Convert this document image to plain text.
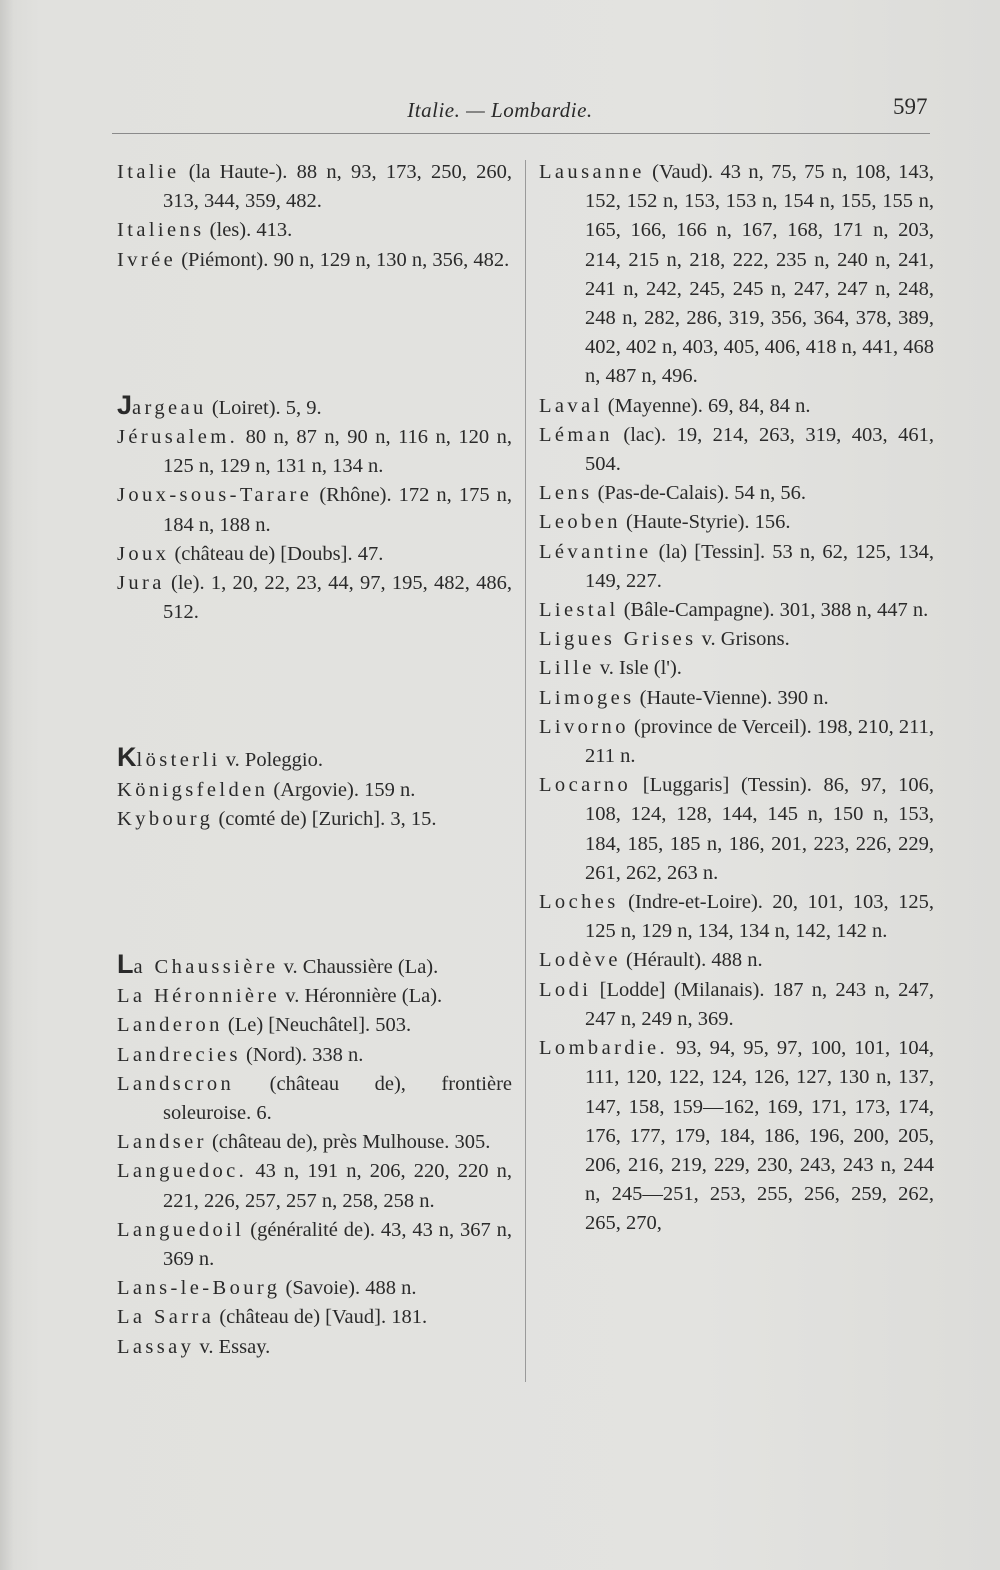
Italie. — Lombardie.	597
Italie (la Haute-). 88 n, 93, 173, 250, 260, 313, 344, 359, 482.
Italiens (les). 413.
Ivrée (Piémont). 90 n, 129 n, 130 n, 356, 482.
Jargeau (Loiret). 5, 9.
Jérusalem. 80 n, 87 n, 90 n, 116 n, 120 n, 125 n, 129 n, 131 n, 134 n.
Joux-sous-Tarare (Rhône). 172 n, 175 n, 184 n, 188 n.
Joux (château de) [Doubs]. 47.
Jura (le). 1, 20, 22, 23, 44, 97, 195, 482, 486, 512.
Klösterli v. Poleggio.
Königsfelden (Argovie). 159 n.
Kybourg (comté de) [Zurich]. 3, 15.
La Chaussière v. Chaussière (La).
La Héronnière v. Héronnière (La).
Landeron (Le) [Neuchâtel]. 503.
Landrecies (Nord). 338 n.
Landscron (château de), frontière soleuroise. 6.
Landser (château de), près Mulhouse. 305.
Languedoc. 43 n, 191 n, 206, 220, 220 n, 221, 226, 257, 257 n, 258, 258 n.
Languedoil (généralité de). 43, 43 n, 367 n, 369 n.
Lans-le-Bourg (Savoie). 488 n.
La Sarra (château de) [Vaud]. 181.
Lassay v. Essay.
Lausanne (Vaud). 43 n, 75, 75 n, 108, 143, 152, 152 n, 153, 153 n, 154 n, 155, 155 n, 165, 166, 166 n, 167, 168, 171 n, 203, 214, 215 n, 218, 222, 235 n, 240 n, 241, 241 n, 242, 245, 245 n, 247, 247 n, 248, 248 n, 282, 286, 319, 356, 364, 378, 389, 402, 402 n, 403, 405, 406, 418 n, 441, 468 n, 487 n, 496.
Laval (Mayenne). 69, 84, 84 n.
Léman (lac). 19, 214, 263, 319, 403, 461, 504.
Lens (Pas-de-Calais). 54 n, 56.
Leoben (Haute-Styrie). 156.
Lévantine (la) [Tessin]. 53 n, 62, 125, 134, 149, 227.
Liestal (Bâle-Campagne). 301, 388 n, 447 n.
Ligues Grises v. Grisons.
Lille v. Isle (l').
Limoges (Haute-Vienne). 390 n.
Livorno (province de Verceil). 198, 210, 211, 211 n.
Locarno [Luggaris] (Tessin). 86, 97, 106, 108, 124, 128, 144, 145 n, 150 n, 153, 184, 185, 185 n, 186, 201, 223, 226, 229, 261, 262, 263 n.
Loches (Indre-et-Loire). 20, 101, 103, 125, 125 n, 129 n, 134, 134 n, 142, 142 n.
Lodève (Hérault). 488 n.
Lodi [Lodde] (Milanais). 187 n, 243 n, 247, 247 n, 249 n, 369.
Lombardie. 93, 94, 95, 97, 100, 101, 104, 111, 120, 122, 124, 126, 127, 130 n, 137, 147, 158, 159—162, 169, 171, 173, 174, 176, 177, 179, 184, 186, 196, 200, 205, 206, 216, 219, 229, 230, 243, 243 n, 244 n, 245—251, 253, 255, 256, 259, 262, 265, 270,
